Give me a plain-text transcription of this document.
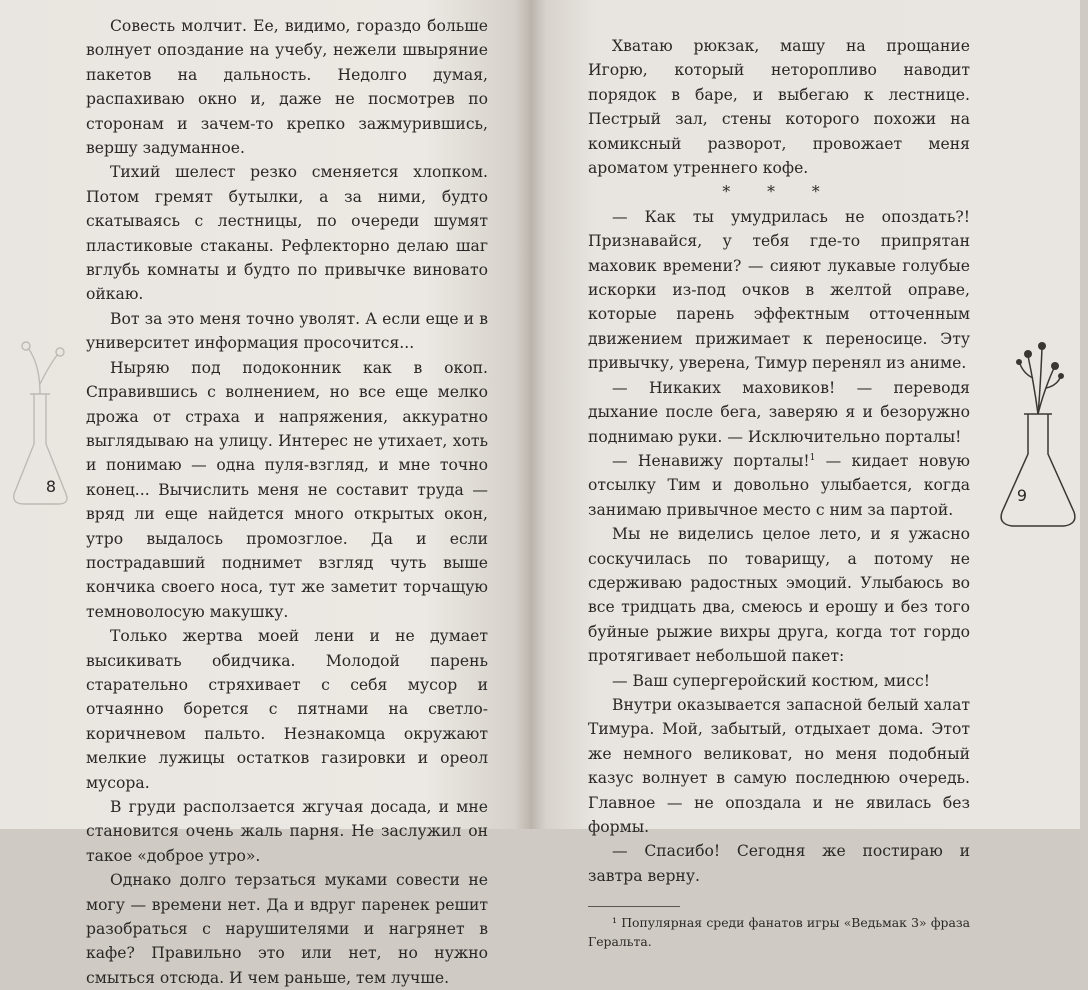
Совесть молчит. Ее, видимо, гораздо больше волнует опоздание на учебу, нежели швыряние пакетов на дальность. Недолго думая, распахиваю окно и, даже не посмотрев по сторонам и зачем-то крепко зажмурившись, вершу задуманное.

Тихий шелест резко сменяется хлопком. Потом гремят бутылки, а за ними, будто скатываясь с лестницы, по очереди шумят пластиковые стаканы. Рефлекторно делаю шаг вглубь комнаты и будто по привычке виновато ойкаю.

Вот за это меня точно уволят. А если еще и в университет информация просочится...

Ныряю под подоконник как в окоп. Справившись с волнением, но все еще мелко дрожа от страха и напряжения, аккуратно выглядываю на улицу. Интерес не утихает, хоть и понимаю — одна пуля-взгляд, и мне точно конец... Вычислить меня не составит труда — вряд ли еще найдется много открытых окон, утро выдалось промозглое. Да и если пострадавший поднимет взгляд чуть выше кончика своего носа, тут же заметит торчащую темноволосую макушку.

Только жертва моей лени и не думает высикивать обидчика. Молодой парень старательно стряхивает с себя мусор и отчаянно борется с пятнами на светло-коричневом пальто. Незнакомца окружают мелкие лужицы остатков газировки и ореол мусора.

В груди расползается жгучая досада, и мне становится очень жаль парня. Не заслужил он такое «доброе утро».

Однако долго терзаться муками совести не могу — времени нет. Да и вдруг паренек решит разобраться с нарушителями и нагрянет в кафе? Правильно это или нет, но нужно смыться отсюда. И чем раньше, тем лучше.

8

Хватаю рюкзак, машу на прощание Игорю, который неторопливо наводит порядок в баре, и выбегаю к лестнице. Пестрый зал, стены которого похожи на комиксный разворот, провожает меня ароматом утреннего кофе.

* * *

— Как ты умудрилась не опоздать?! Признавайся, у тебя где-то припрятан маховик времени? — сияют лукавые голубые искорки из-под очков в желтой оправе, которые парень эффектным отточенным движением прижимает к переносице. Эту привычку, уверена, Тимур перенял из аниме.

— Никаких маховиков! — переводя дыхание после бега, заверяю я и безоружно поднимаю руки. — Исключительно порталы!

— Ненавижу порталы!$^1$ — кидает новую отсылку Тим и довольно улыбается, когда занимаю привычное место с ним за партой.

Мы не виделись целое лето, и я ужасно соскучилась по товарищу, а потому не сдерживаю радостных эмоций. Улыбаюсь во все тридцать два, смеюсь и ерошу и без того буйные рыжие вихры друга, когда тот гордо протягивает небольшой пакет:

— Ваш супергеройский костюм, мисс!

Внутри оказывается запасной белый халат Тимура. Мой, забытый, отдыхает дома. Этот же немного великоват, но меня подобный казус волнует в самую последнюю очередь. Главное — не опоздала и не явилась без формы.

— Спасибо! Сегодня же постираю и завтра верну.

¹ Популярная среди фанатов игры «Ведьмак 3» фраза Геральта.
9
